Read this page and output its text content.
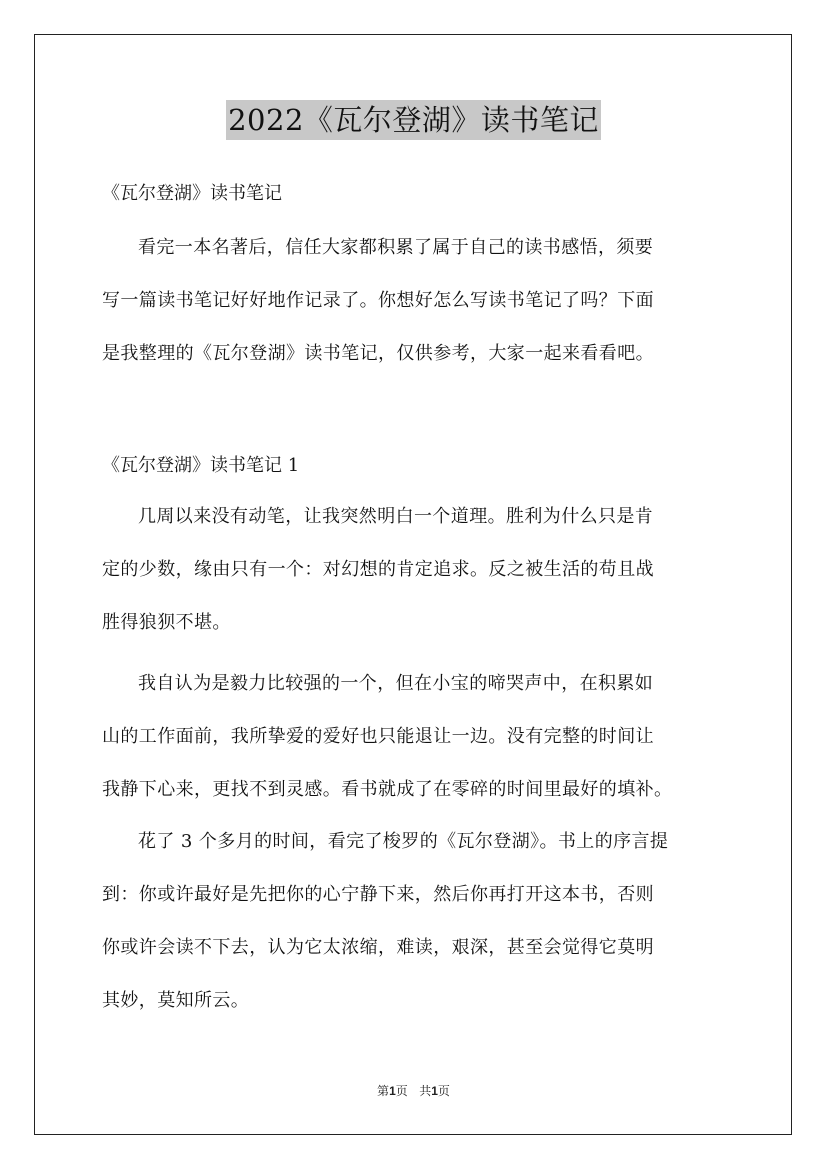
2022《瓦尔登湖》读书笔记
《瓦尔登湖》读书笔记
看完一本名著后，信任大家都积累了属于自己的读书感悟，须要
写一篇读书笔记好好地作记录了。你想好怎么写读书笔记了吗？下面
是我整理的《瓦尔登湖》读书笔记，仅供参考，大家一起来看看吧。
《瓦尔登湖》读书笔记 1
几周以来没有动笔，让我突然明白一个道理。胜利为什么只是肯
定的少数，缘由只有一个：对幻想的肯定追求。反之被生活的苟且战
胜得狼狈不堪。
我自认为是毅力比较强的一个，但在小宝的啼哭声中，在积累如
山的工作面前，我所挚爱的爱好也只能退让一边。没有完整的时间让
我静下心来，更找不到灵感。看书就成了在零碎的时间里最好的填补。
花了 3 个多月的时间，看完了梭罗的《瓦尔登湖》。书上的序言提
到：你或许最好是先把你的心宁静下来，然后你再打开这本书，否则
你或许会读不下去，认为它太浓缩，难读，艰深，甚至会觉得它莫明
其妙，莫知所云。
第1页 共1页
